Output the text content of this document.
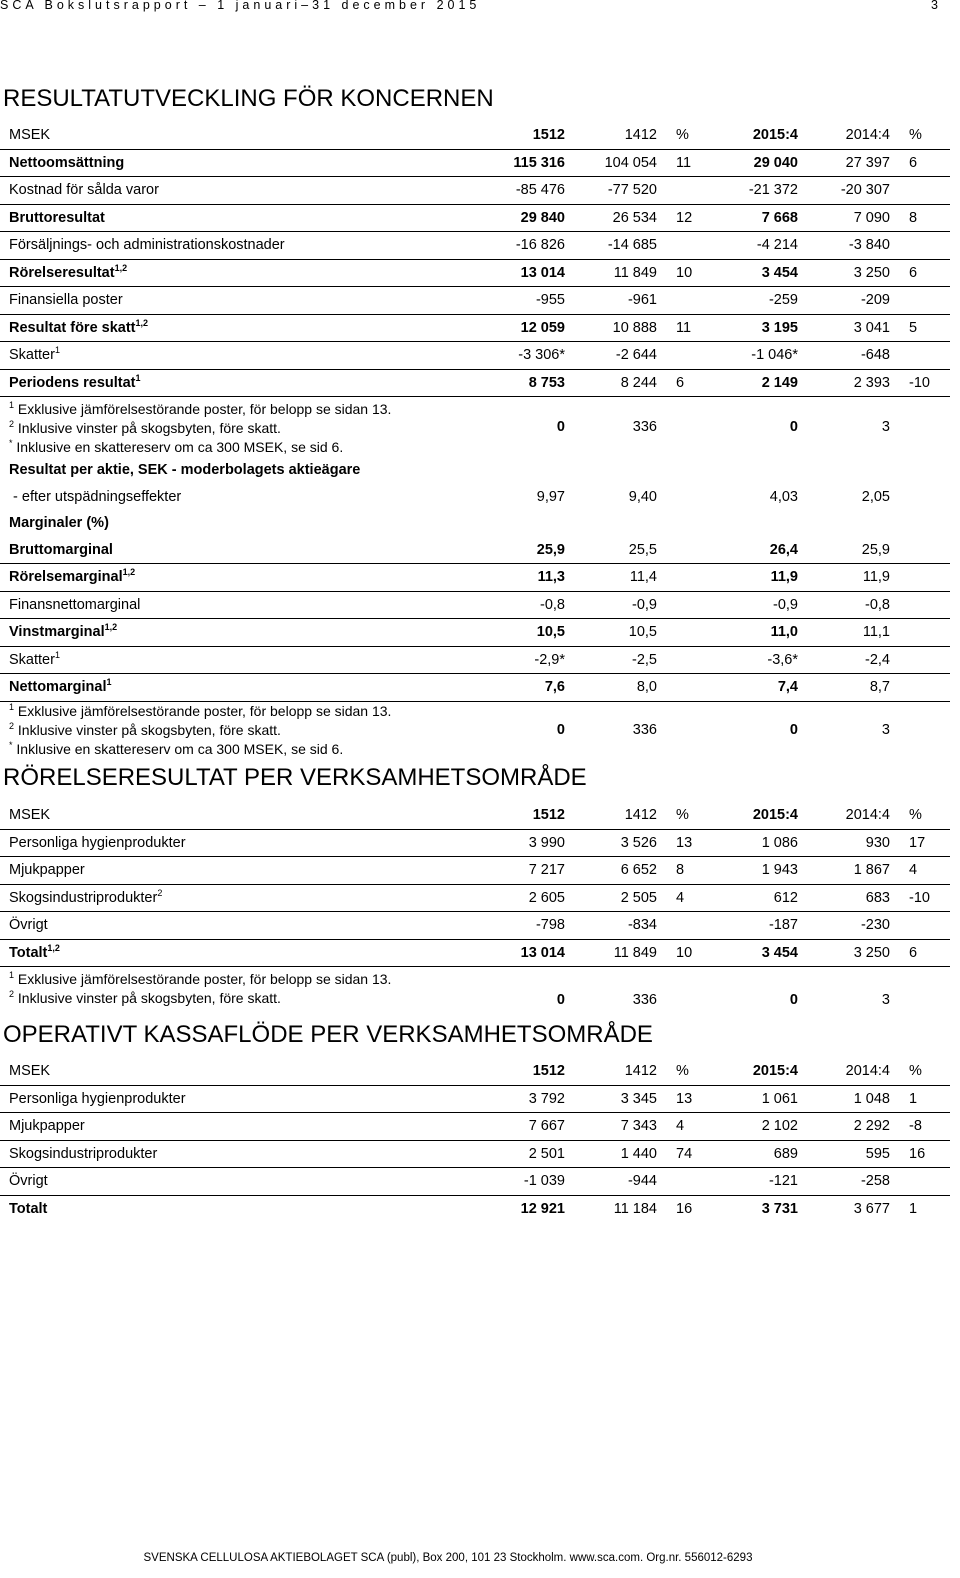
SCA Bokslutsrapport – 1 januari–31 december 2015	3
RESULTATUTVECKLING FÖR KONCERNEN
MSEK	1512	1412	%	2015:4	2014:4	%
Nettoomsättning	115 316	104 054	11	29 040	27 397	6
Kostnad för sålda varor	-85 476	-77 520		-21 372	-20 307	
Bruttoresultat	29 840	26 534	12	7 668	7 090	8
Försäljnings- och administrationskostnader	-16 826	-14 685		-4 214	-3 840	
Rörelseresultat$^{1,2}$	13 014	11 849	10	3 454	3 250	6
Finansiella poster	-955	-961		-259	-209	
Resultat före skatt$^{1,2}$	12 059	10 888	11	3 195	3 041	5
Skatter$^1$	-3 306*	-2 644		-1 046*	-648	
Periodens resultat$^1$	8 753	8 244	6	2 149	2 393	-10

$^1$ Exklusive jämförelsestörande poster, för belopp se sidan 13.
$^2$ Inklusive vinster på skogsbyten, före skatt.
* Inklusive en skattereserv om ca 300 MSEK, se sid 6.	0	336		0	3	
Resultat per aktie, SEK - moderbolagets aktieägare						
- efter utspädningseffekter	9,97	9,40		4,03	2,05	
Marginaler (%)						
Bruttomarginal	25,9	25,5		26,4	25,9	
Rörelsemarginal$^{1,2}$	11,3	11,4		11,9	11,9	
Finansnettomarginal	-0,8	-0,9		-0,9	-0,8	
Vinstmarginal$^{1,2}$	10,5	10,5		11,0	11,1	
Skatter$^1$	-2,9*	-2,5		-3,6*	-2,4	
Nettomarginal$^1$	7,6	8,0		7,4	8,7	

$^1$ Exklusive jämförelsestörande poster, för belopp se sidan 13.
$^2$ Inklusive vinster på skogsbyten, före skatt.
* Inklusive en skattereserv om ca 300 MSEK, se sid 6.	0	336		0	3	
RÖRELSERESULTAT PER VERKSAMHETSOMRÅDE
MSEK	1512	1412	%	2015:4	2014:4	%
Personliga hygienprodukter	3 990	3 526	13	1 086	930	17
Mjukpapper	7 217	6 652	8	1 943	1 867	4
Skogsindustriprodukter$^2$	2 605	2 505	4	612	683	-10
Övrigt	-798	-834		-187	-230	
Totalt$^{1,2}$	13 014	11 849	10	3 454	3 250	6

$^1$ Exklusive jämförelsestörande poster, för belopp se sidan 13.
$^2$ Inklusive vinster på skogsbyten, före skatt.	0	336		0	3	
OPERATIVT KASSAFLÖDE PER VERKSAMHETSOMRÅDE
MSEK	1512	1412	%	2015:4	2014:4	%
Personliga hygienprodukter	3 792	3 345	13	1 061	1 048	1
Mjukpapper	7 667	7 343	4	2 102	2 292	-8
Skogsindustriprodukter	2 501	1 440	74	689	595	16
Övrigt	-1 039	-944		-121	-258	
Totalt	12 921	11 184	16	3 731	3 677	1
SVENSKA CELLULOSA AKTIEBOLAGET SCA (publ), Box 200, 101 23 Stockholm. www.sca.com. Org.nr. 556012-6293
